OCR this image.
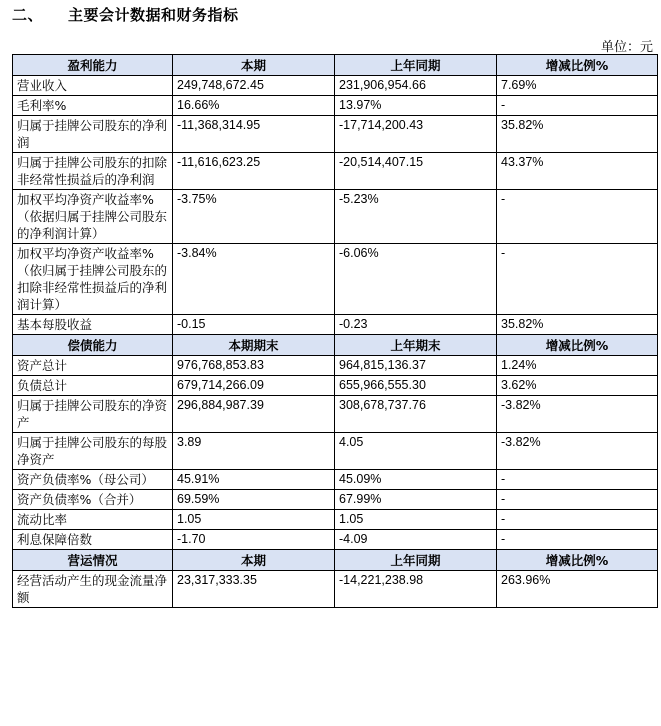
二、	主要会计数据和财务指标
单位：元
盈利能力	本期	上年同期	增减比例%
营业收入	249,748,672.45	231,906,954.66	7.69%
毛利率%	16.66%	13.97%	-
归属于挂牌公司股东的净利润	-11,368,314.95	-17,714,200.43	35.82%
归属于挂牌公司股东的扣除非经常性损益后的净利润	-11,616,623.25	-20,514,407.15	43.37%
加权平均净资产收益率%（依据归属于挂牌公司股东的净利润计算）	-3.75%	-5.23%	-
加权平均净资产收益率%（依归属于挂牌公司股东的扣除非经常性损益后的净利润计算）	-3.84%	-6.06%	-
基本每股收益	-0.15	-0.23	35.82%
偿债能力	本期期末	上年期末	增减比例%
资产总计	976,768,853.83	964,815,136.37	1.24%
负债总计	679,714,266.09	655,966,555.30	3.62%
归属于挂牌公司股东的净资产	296,884,987.39	308,678,737.76	-3.82%
归属于挂牌公司股东的每股净资产	3.89	4.05	-3.82%
资产负债率%（母公司）	45.91%	45.09%	-
资产负债率%（合并）	69.59%	67.99%	-
流动比率	1.05	1.05	-
利息保障倍数	-1.70	-4.09	-
营运情况	本期	上年同期	增减比例%
经营活动产生的现金流量净额	23,317,333.35	-14,221,238.98	263.96%
